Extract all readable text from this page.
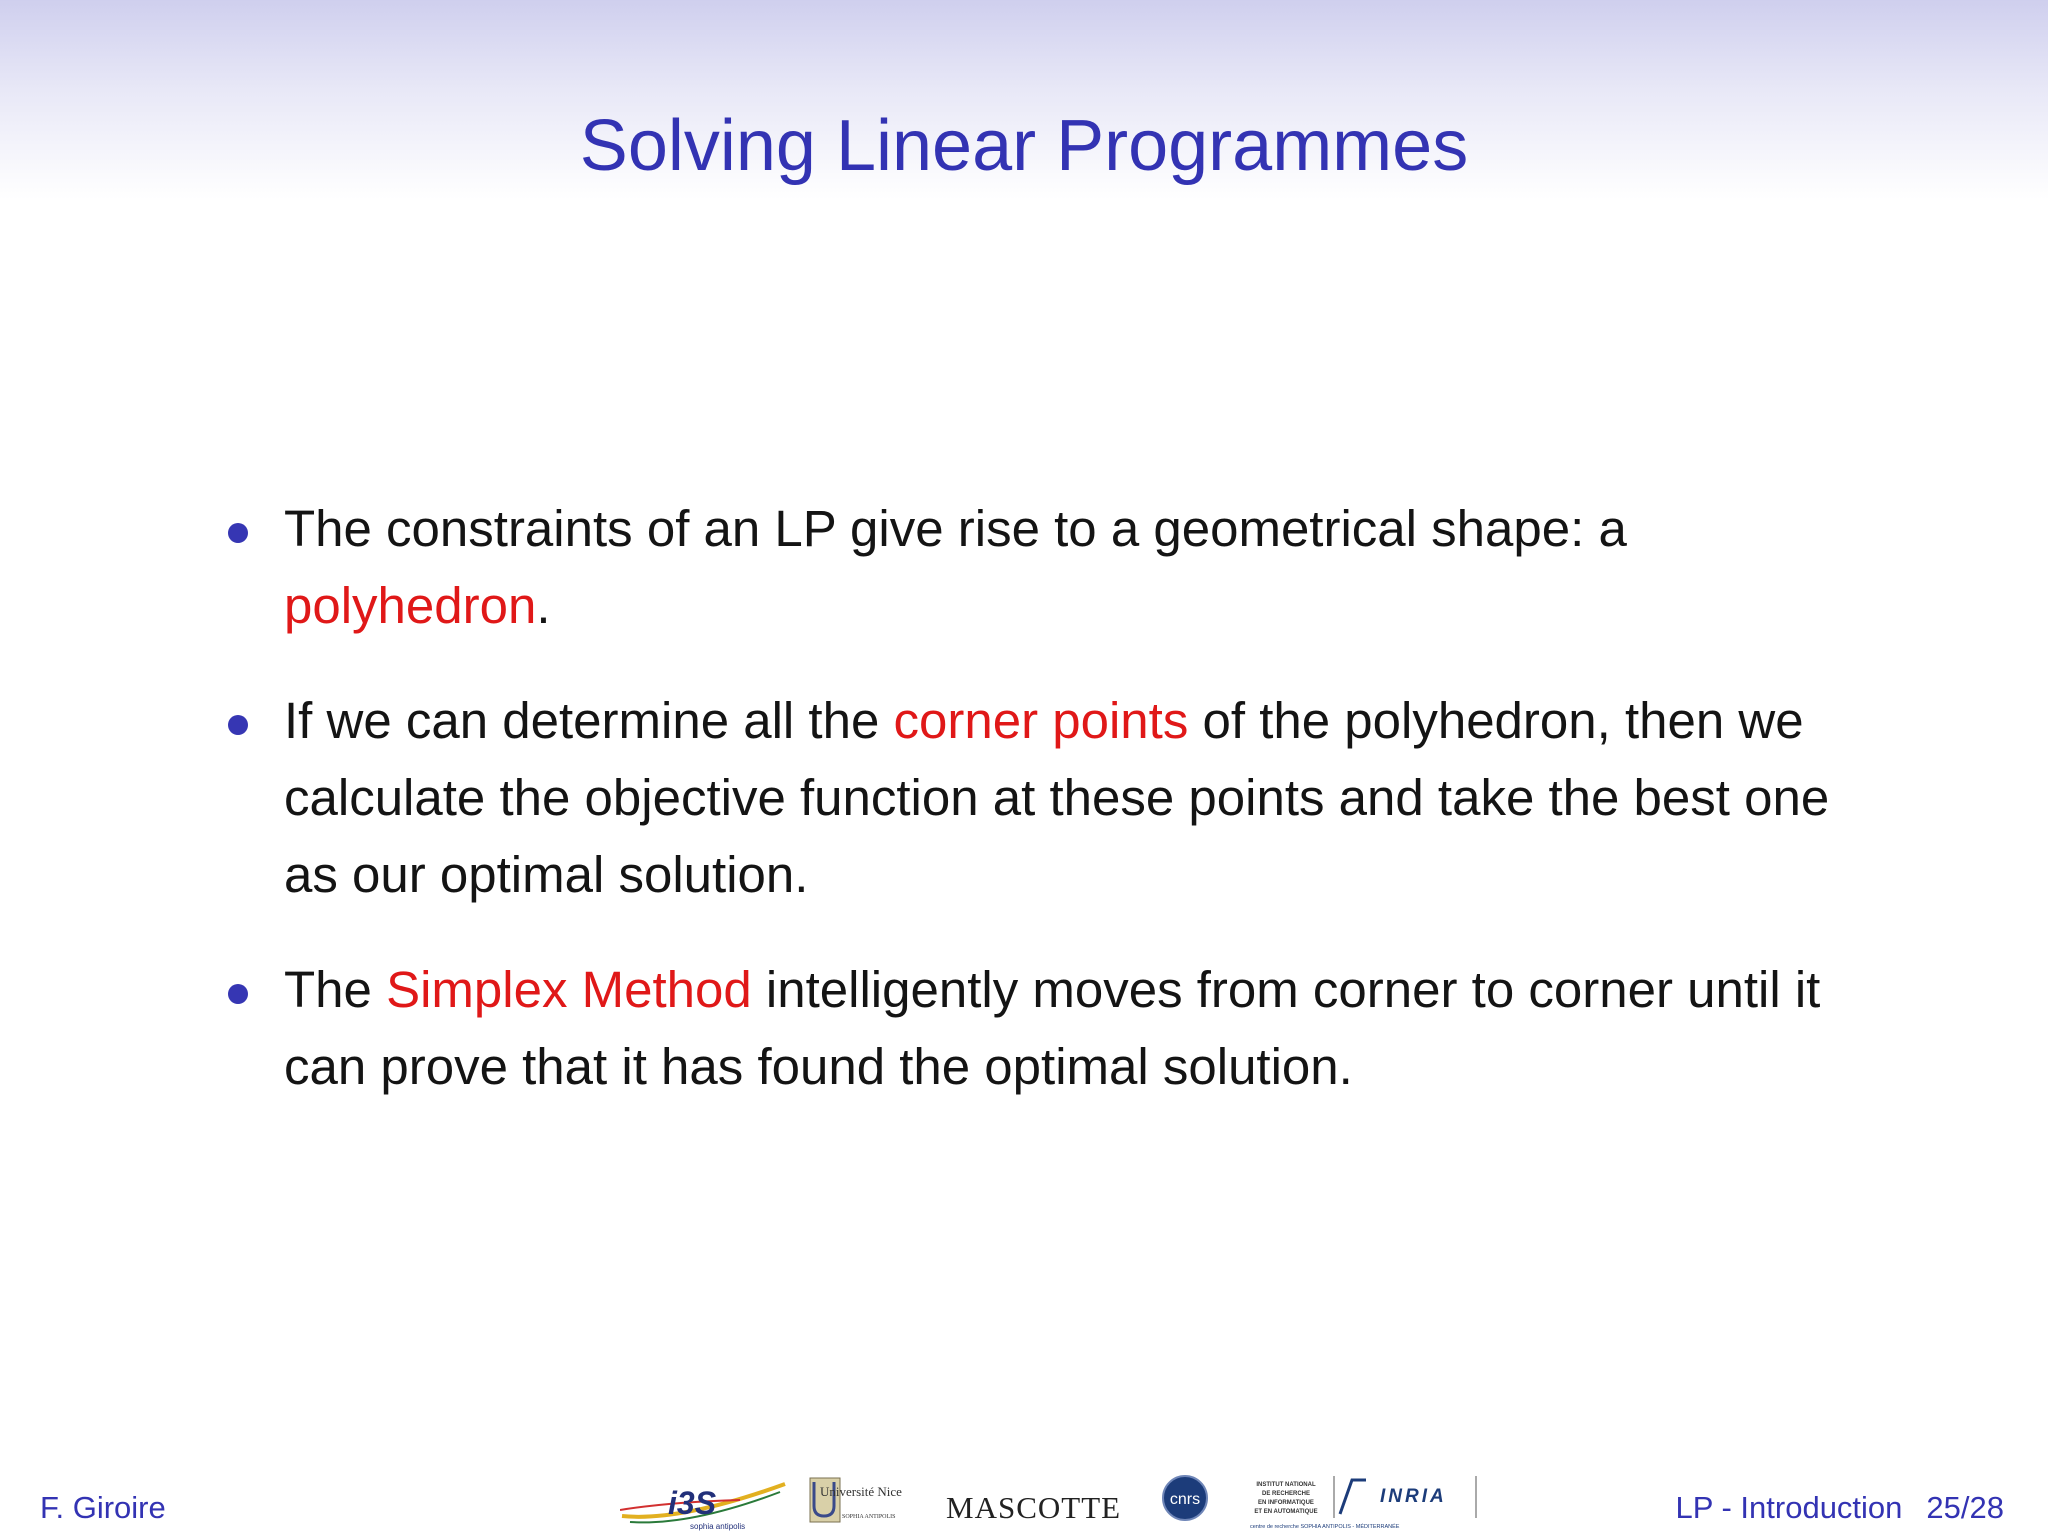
Solving Linear Programmes
The constraints of an LP give rise to a geometrical shape: a polyhedron.
If we can determine all the corner points of the polyhedron, then we calculate the objective function at these points and take the best one as our optimal solution.
The Simplex Method intelligently moves from corner to corner until it can prove that it has found the optimal solution.
F. Giroire	i3S
sophia antipolis
Université Nice
SOPHIA ANTIPOLIS MASCOTTE	cnrs
INSTITUT NATIONAL
DE RECHERCHE
EN INFORMATIQUE
ET EN AUTOMATIQUE
INRIA
centre de recherche SOPHIA ANTIPOLIS - MÉDITERRANÉE
LP - Introduction 25/28
